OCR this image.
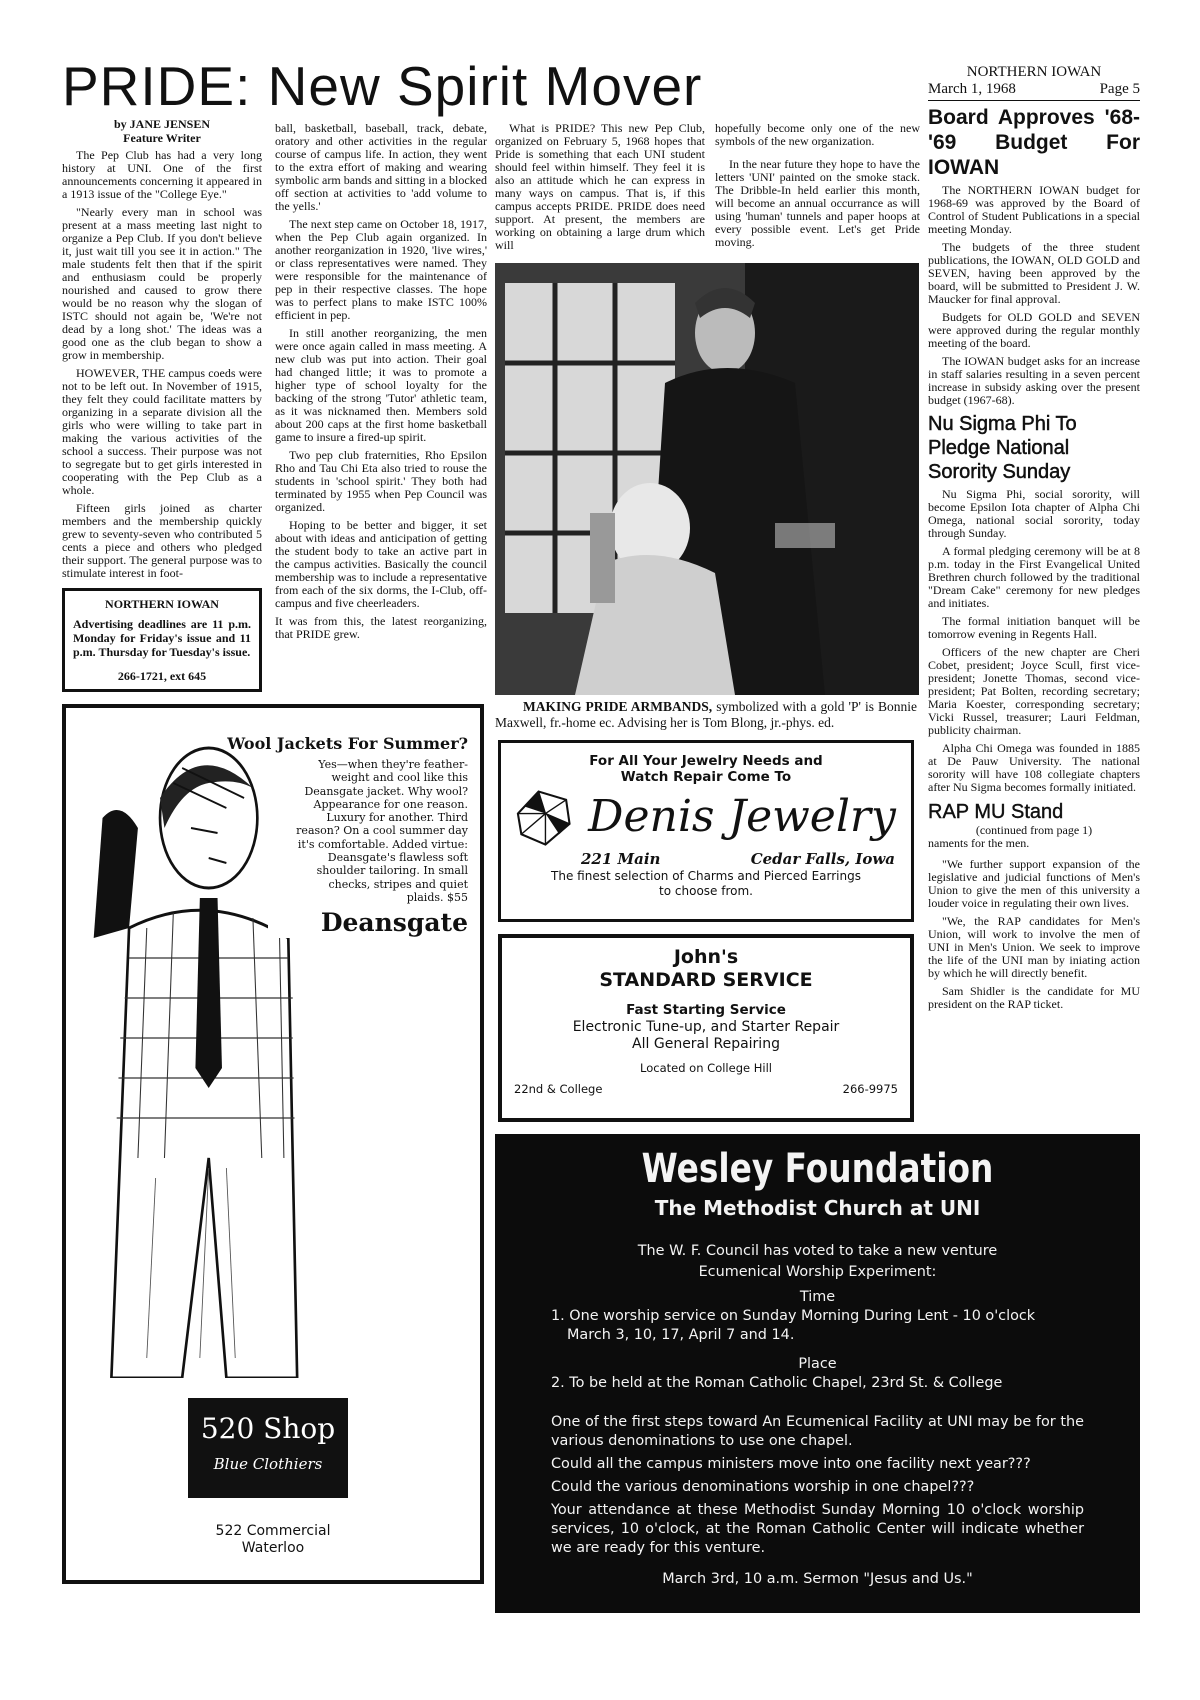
PRIDE: New Spirit Mover
by JANE JENSEN
Feature Writer

The Pep Club has had a very long history at UNI. One of the first announcements concerning it appeared in a 1913 issue of the "College Eye."

"Nearly every man in school was present at a mass meeting last night to organize a Pep Club. If you don't believe it, just wait till you see it in action." The male students felt then that if the spirit and enthusiasm could be properly nourished and caused to grow there would be no reason why the slogan of ISTC should not again be, 'We're not dead by a long shot.' The ideas was a good one as the club began to show a grow in membership.

HOWEVER, THE campus coeds were not to be left out. In November of 1915, they felt they could facilitate matters by organizing in a separate division all the girls who were willing to take part in making the various activities of the school a success. Their purpose was not to segregate but to get girls interested in cooperating with the Pep Club as a whole.

Fifteen girls joined as charter members and the membership quickly grew to seventy-seven who contributed 5 cents a piece and others who pledged their support. The general purpose was to stimulate interest in foot-

NORTHERN IOWAN
Advertising deadlines are 11 p.m. Monday for Friday's issue and 11 p.m. Thursday for Tuesday's issue.
266-1721, ext 645

ball, basketball, baseball, track, debate, oratory and other activities in the regular course of campus life. In action, they went to the extra effort of making and wearing symbolic arm bands and sitting in a blocked off section at activities to 'add volume to the yells.'

The next step came on October 18, 1917, when the Pep Club again organized. In another reorganization in 1920, 'live wires,' or class representatives were named. They were responsible for the maintenance of pep in their respective classes. The hope was to perfect plans to make ISTC 100% efficient in pep.

In still another reorganizing, the men were once again called in mass meeting. A new club was put into action. Their goal had changed little; it was to promote a higher type of school loyalty for the backing of the strong 'Tutor' athletic team, as it was nicknamed then. Members sold about 200 caps at the first home basketball game to insure a fired-up spirit.

Two pep club fraternities, Rho Epsilon Rho and Tau Chi Eta also tried to rouse the students in 'school spirit.' They both had terminated by 1955 when Pep Council was organized.

Hoping to be better and bigger, it set about with ideas and anticipation of getting the student body to take an active part in the campus activities. Basically the council membership was to include a representative from each of the six dorms, the I-Club, off-campus and five cheerleaders.

It was from this, the latest reorganizing, that PRIDE grew.

Wool Jackets For Summer?
Yes—when they're feather-weight and cool like this Deansgate jacket. Why wool? Appearance for one reason. Luxury for another. Third reason? On a cool summer day it's comfortable. Added virtue: Deansgate's flawless soft shoulder tailoring. In small checks, stripes and quiet plaids. $55
Deansgate
520 Shop
Blue Clothiers
522 Commercial
Waterloo

What is PRIDE? This new Pep Club, organized on February 5, 1968 hopes that Pride is something that each UNI student should feel within himself. They feel it is also an attitude which he can express in many ways on campus. That is, if this campus accepts PRIDE. PRIDE does need support. At present, the members are working on obtaining a large drum which will

hopefully become only one of the new symbols of the new organization.

In the near future they hope to have the letters 'UNI' painted on the smoke stack. The Dribble-In held earlier this month, will become an annual occurrance as will using 'human' tunnels and paper hoops at every possible event. Let's get Pride moving.

MAKING PRIDE ARMBANDS, symbolized with a gold 'P' is Bonnie Maxwell, fr.-home ec. Advising her is Tom Blong, jr.-phys. ed.
For All Your Jewelry Needs and
Watch Repair Come To
Denis Jewelry
221 Main	Cedar Falls, Iowa
The finest selection of Charms and Pierced Earrings
to choose from.
John's
STANDARD SERVICE
Fast Starting Service
Electronic Tune-up, and Starter Repair
All General Repairing
Located on College Hill
22nd & College	266-9975
NORTHERN IOWAN
March 1, 1968	Page 5
Board Approves '68-'69 Budget For IOWAN

The NORTHERN IOWAN budget for 1968-69 was approved by the Board of Control of Student Publications in a special meeting Monday.

The budgets of the three student publications, the IOWAN, OLD GOLD and SEVEN, having been approved by the board, will be submitted to President J. W. Maucker for final approval.

Budgets for OLD GOLD and SEVEN were approved during the regular monthly meeting of the board.

The IOWAN budget asks for an increase in staff salaries resulting in a seven percent increase in subsidy asking over the present budget (1967-68).

Nu Sigma Phi To Pledge National Sorority Sunday

Nu Sigma Phi, social sorority, will become Epsilon Iota chapter of Alpha Chi Omega, national social sorority, today through Sunday.

A formal pledging ceremony will be at 8 p.m. today in the First Evangelical United Brethren church followed by the traditional "Dream Cake" ceremony for new pledges and initiates.

The formal initiation banquet will be tomorrow evening in Regents Hall.

Officers of the new chapter are Cheri Cobet, president; Joyce Scull, first vice-president; Jonette Thomas, second vice-president; Pat Bolten, recording secretary; Maria Koester, corresponding secretary; Vicki Russel, treasurer; Lauri Feldman, publicity chairman.

Alpha Chi Omega was founded in 1885 at De Pauw University. The national sorority will have 108 collegiate chapters after Nu Sigma becomes formally initiated.

RAP MU Stand
(continued from page 1)

naments for the men.

"We further support expansion of the legislative and judicial functions of Men's Union to give the men of this university a louder voice in regulating their own lives.

"We, the RAP candidates for Men's Union, will work to involve the men of UNI in Men's Union. We seek to improve the life of the UNI man by iniating action by which he will directly benefit.

Sam Shidler is the candidate for MU president on the RAP ticket.

Wesley Foundation
The Methodist Church at UNI
The W. F. Council has voted to take a new venture
Ecumenical Worship Experiment:
Time
1. One worship service on Sunday Morning During Lent - 10 o'clock
March 3, 10, 17, April 7 and 14.
Place
2. To be held at the Roman Catholic Chapel, 23rd St. & College
One of the first steps toward An Ecumenical Facility at UNI may be for the various denominations to use one chapel.
Could all the campus ministers move into one facility next year???
Could the various denominations worship in one chapel???
Your attendance at these Methodist Sunday Morning 10 o'clock worship services, 10 o'clock, at the Roman Catholic Center will indicate whether we are ready for this venture.
March 3rd, 10 a.m. Sermon "Jesus and Us."
